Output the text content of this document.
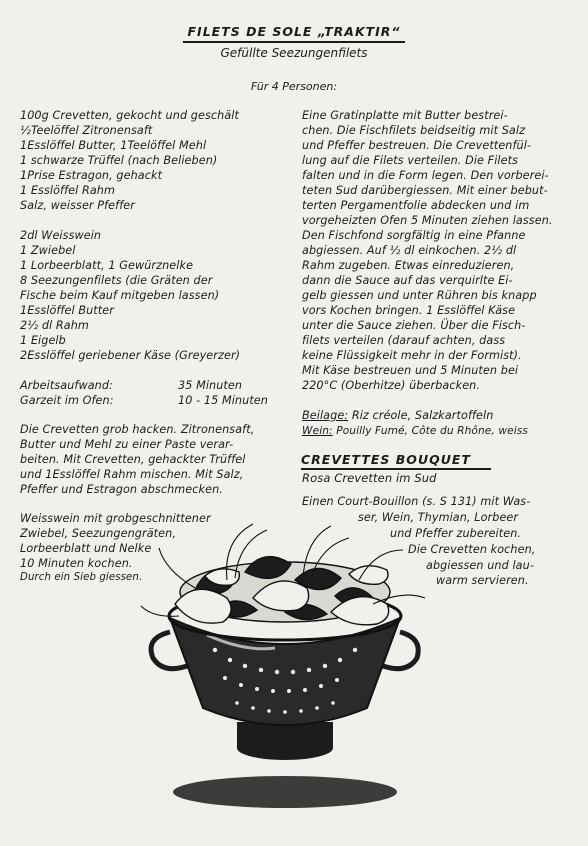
FILETS DE SOLE „TRAKTIR“
Gefüllte Seezungenfilets
Für 4 Personen:
100g Crevetten, gekocht und geschält
½Teelöffel Zitronensaft
1Esslöffel Butter, 1Teelöffel Mehl
1 schwarze Trüffel (nach Belieben)
1Prise Estragon, gehackt
1 Esslöffel Rahm
Salz, weisser Pfeffer
2dl Weisswein
1 Zwiebel
1 Lorbeerblatt, 1 Gewürznelke
8 Seezungenfilets (die Gräten der
Fische beim Kauf mitgeben lassen)
1Esslöffel Butter
2½ dl Rahm
1 Eigelb
2Esslöffel geriebener Käse (Greyerzer)
Arbeitsaufwand:	35 Minuten
Garzeit im Ofen:	10 - 15 Minuten
Die Crevetten grob hacken. Zitronensaft,
Butter und Mehl zu einer Paste verar-
beiten. Mit Crevetten, gehackter Trüffel
und 1Esslöffel Rahm mischen. Mit Salz,
Pfeffer und Estragon abschmecken.
Weisswein mit grobgeschnittener
Zwiebel, Seezungengräten,
Lorbeerblatt und Nelke
10 Minuten kochen.
Durch ein Sieb giessen.
Eine Gratinplatte mit Butter bestrei-
chen. Die Fischfilets beidseitig mit Salz
und Pfeffer bestreuen. Die Crevettenfül-
lung auf die Filets verteilen. Die Filets
falten und in die Form legen. Den vorberei-
teten Sud darübergiessen. Mit einer bebut-
terten Pergamentfolie abdecken und im
vorgeheizten Ofen 5 Minuten ziehen lassen.
Den Fischfond sorgfältig in eine Pfanne
abgiessen. Auf ½ dl einkochen. 2½ dl
Rahm zugeben. Etwas einreduzieren,
dann die Sauce auf das verquirlte Ei-
gelb giessen und unter Rühren bis knapp
vors Kochen bringen. 1 Esslöffel Käse
unter die Sauce ziehen. Über die Fisch-
filets verteilen (darauf achten, dass
keine Flüssigkeit mehr in der Formist).
Mit Käse bestreuen und 5 Minuten bei
220°C (Oberhitze) überbacken.
Beilage: Riz créole, Salzkartoffeln
Wein: Pouilly Fumé, Côte du Rhône, weiss
CREVETTES BOUQUET
Rosa Crevetten im Sud
Einen Court-Bouillon (s. S 131) mit Was-
ser, Wein, Thymian, Lorbeer
und Pfeffer zubereiten.
Die Crevetten kochen,
abgiessen und lau-
warm servieren.
